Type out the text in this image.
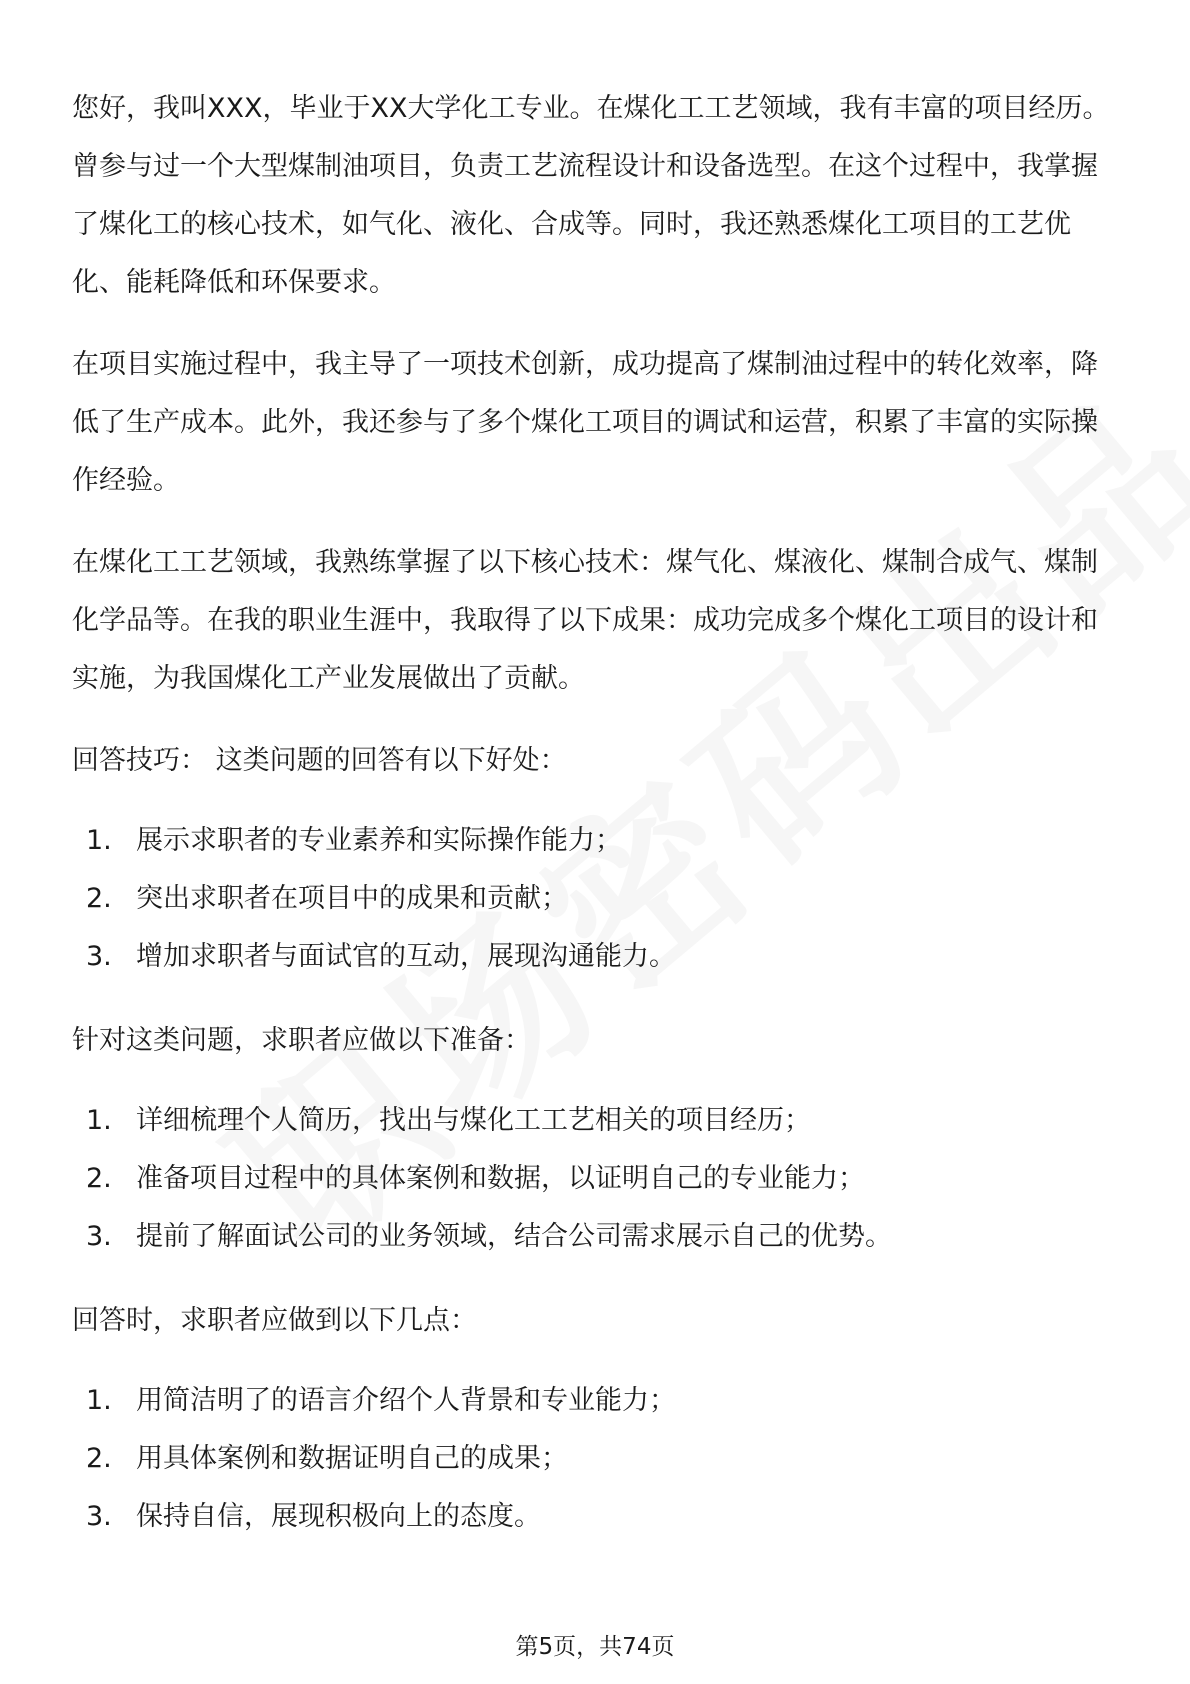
您好，我叫XXX，毕业于XX大学化工专业。在煤化工工艺领域，我有丰富的项目经历。曾参与过一个大型煤制油项目，负责工艺流程设计和设备选型。在这个过程中，我掌握了煤化工的核心技术，如气化、液化、合成等。同时，我还熟悉煤化工项目的工艺优化、能耗降低和环保要求。

在项目实施过程中，我主导了一项技术创新，成功提高了煤制油过程中的转化效率，降低了生产成本。此外，我还参与了多个煤化工项目的调试和运营，积累了丰富的实际操作经验。

在煤化工工艺领域，我熟练掌握了以下核心技术：煤气化、煤液化、煤制合成气、煤制化学品等。在我的职业生涯中，我取得了以下成果：成功完成多个煤化工项目的设计和实施，为我国煤化工产业发展做出了贡献。

回答技巧： 这类问题的回答有以下好处：

1. 展示求职者的专业素养和实际操作能力；
2. 突出求职者在项目中的成果和贡献；
3. 增加求职者与面试官的互动，展现沟通能力。

针对这类问题，求职者应做以下准备：

1. 详细梳理个人简历，找出与煤化工工艺相关的项目经历；
2. 准备项目过程中的具体案例和数据，以证明自己的专业能力；
3. 提前了解面试公司的业务领域，结合公司需求展示自己的优势。

回答时，求职者应做到以下几点：

1. 用简洁明了的语言介绍个人背景和专业能力；
2. 用具体案例和数据证明自己的成果；
3. 保持自信，展现积极向上的态度。
第5页，共74页
